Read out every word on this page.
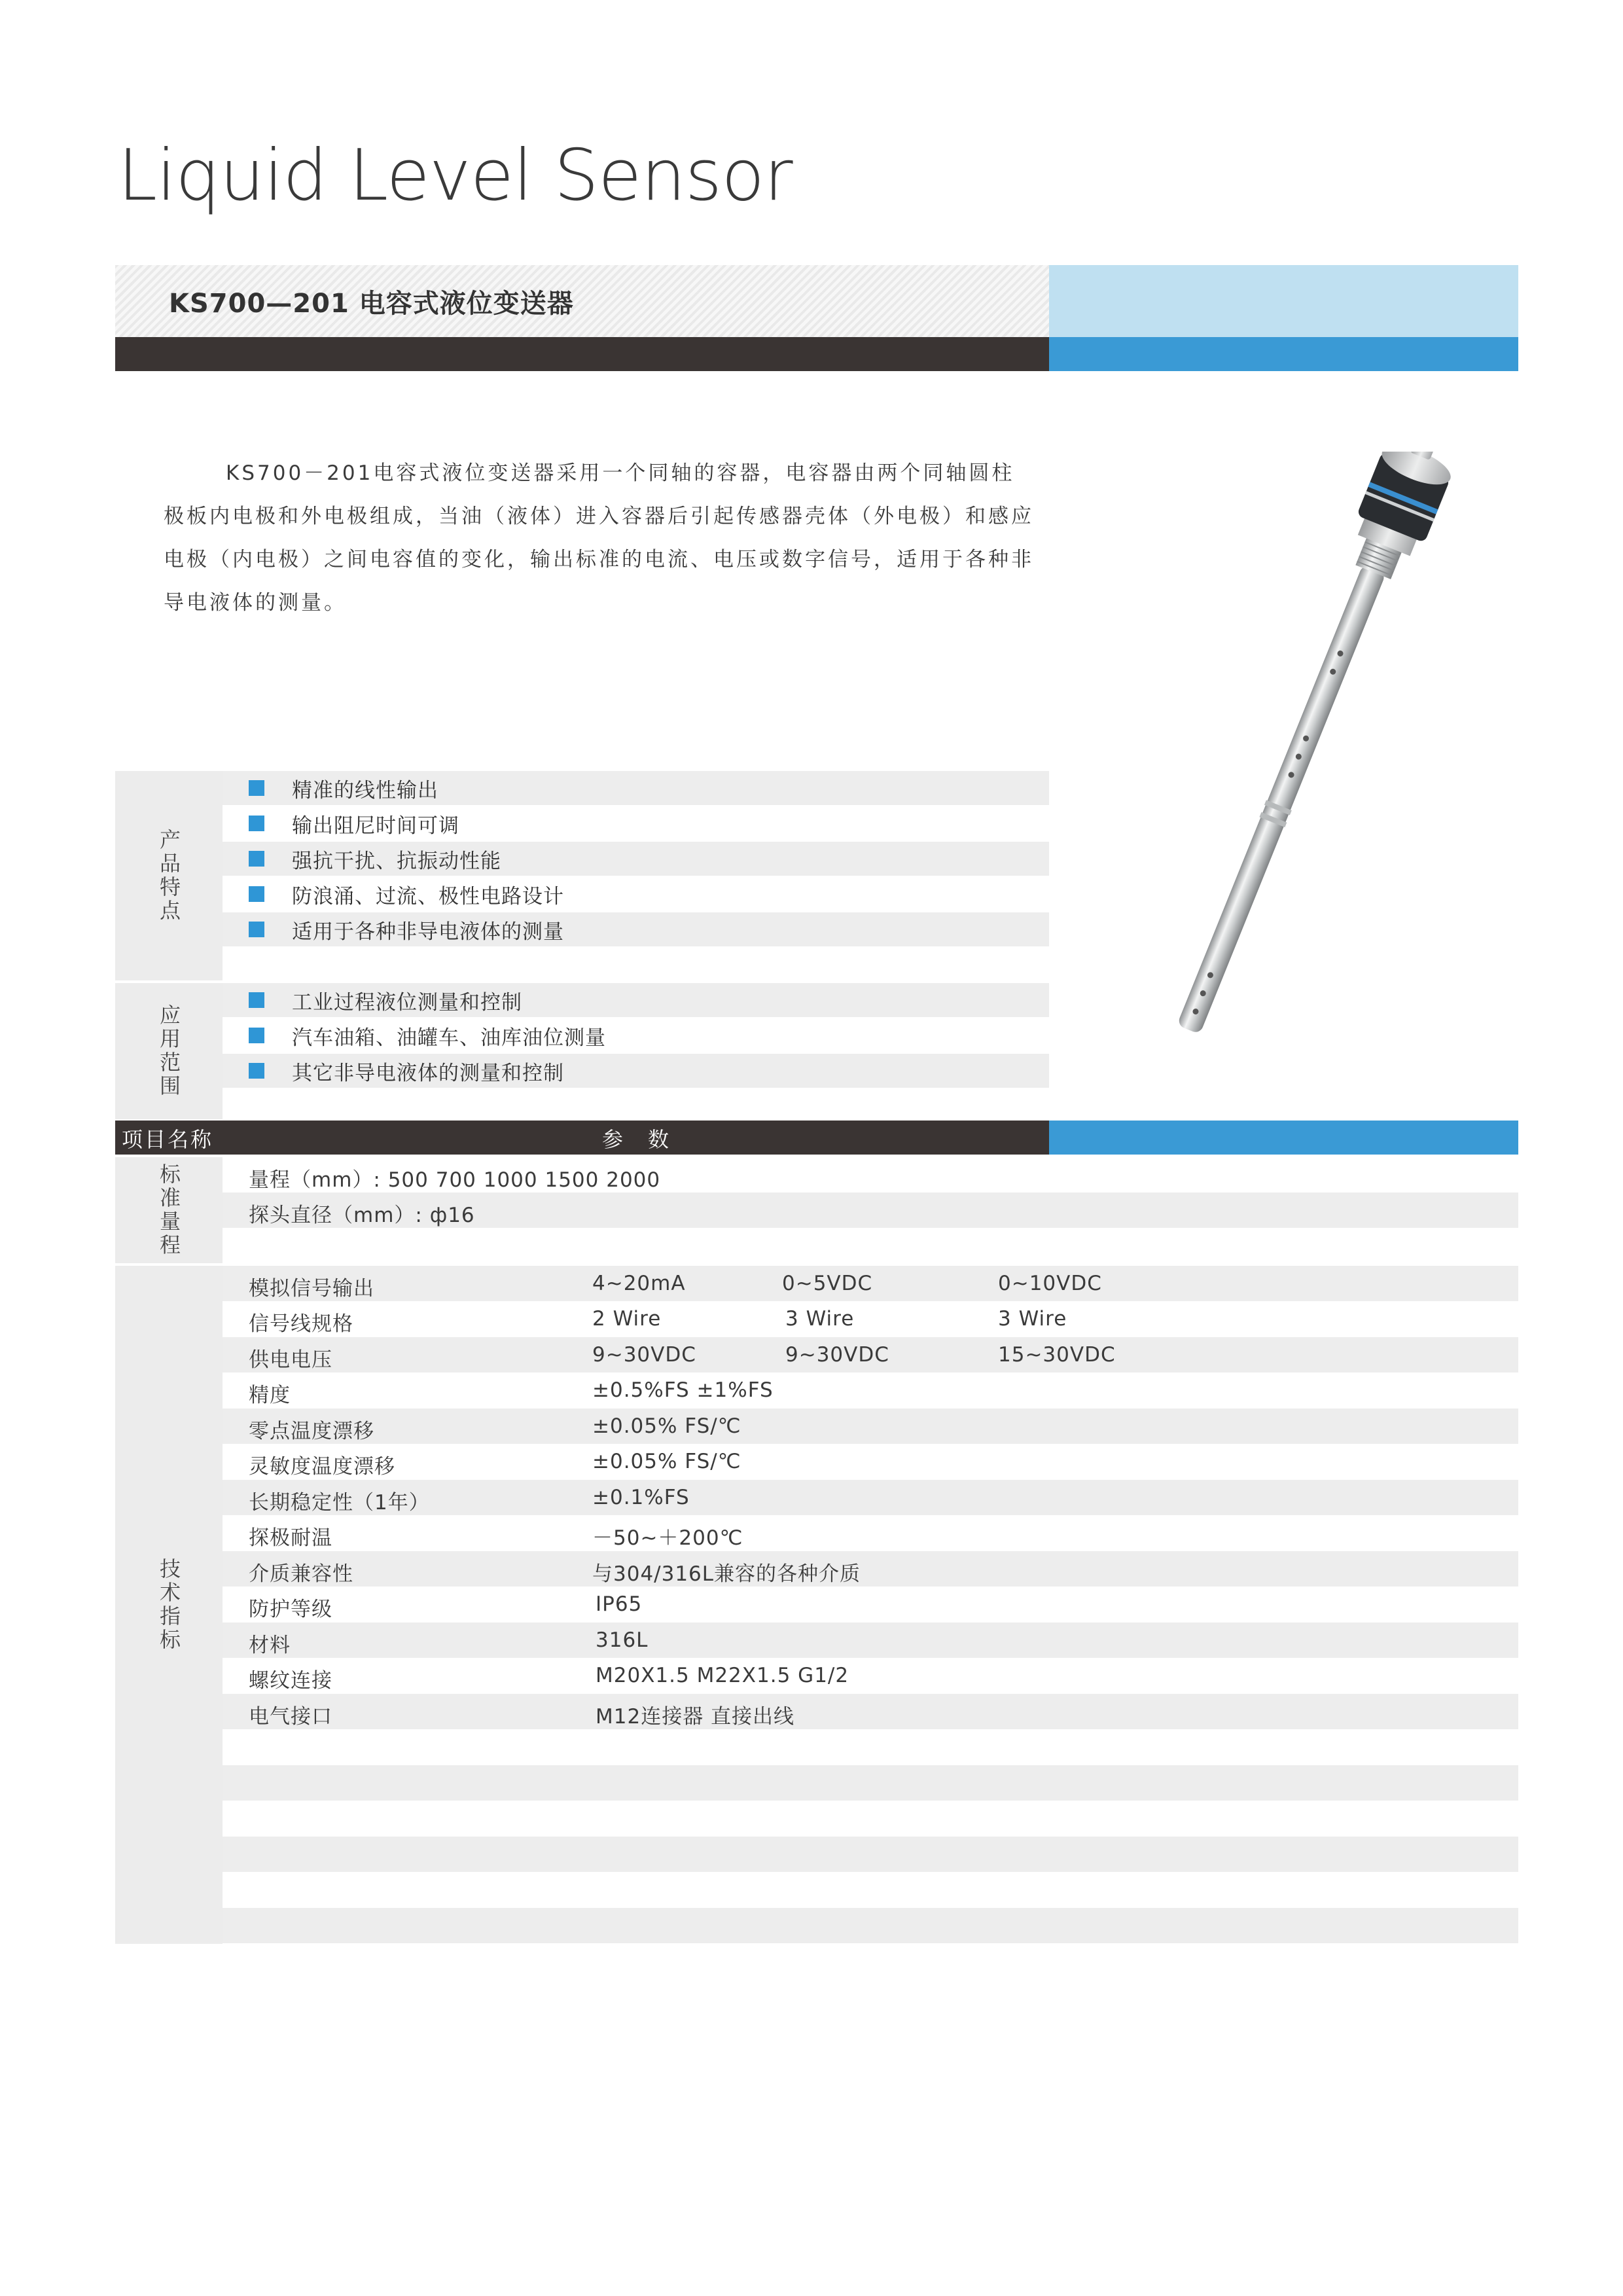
Liquid Level Sensor
KS700—201 电容式液位变送器
KS700－201电容式液位变送器采用一个同轴的容器，电容器由两个同轴圆柱极板内电极和外电极组成，当油（液体）进入容器后引起传感器壳体（外电极）和感应电极（内电极）之间电容值的变化，输出标准的电流、电压或数字信号，适用于各种非导电液体的测量。
产品特点
精准的线性输出
输出阻尼时间可调
强抗干扰、抗振动性能
防浪涌、过流、极性电路设计
适用于各种非导电液体的测量
应用范围
工业过程液位测量和控制
汽车油箱、油罐车、油库油位测量
其它非导电液体的测量和控制
项目名称	参　数
标准量程	量程（mm）: 500 700 1000 1500 2000
探头直径（mm）: ф16
技术指标
模拟信号输出	4~20mA	0~5VDC	0~10VDC
信号线规格	2 Wire	3 Wire	3 Wire
供电电压	9~30VDC	9~30VDC	15~30VDC
精度	±0.5%FS ±1%FS
零点温度漂移	±0.05% FS/℃
灵敏度温度漂移	±0.05% FS/℃
长期稳定性（1年）	±0.1%FS
探极耐温	－50~＋200℃
介质兼容性	与304/316L兼容的各种介质
防护等级	IP65
材料	316L
螺纹连接	M20X1.5 M22X1.5 G1/2
电气接口	M12连接器 直接出线
